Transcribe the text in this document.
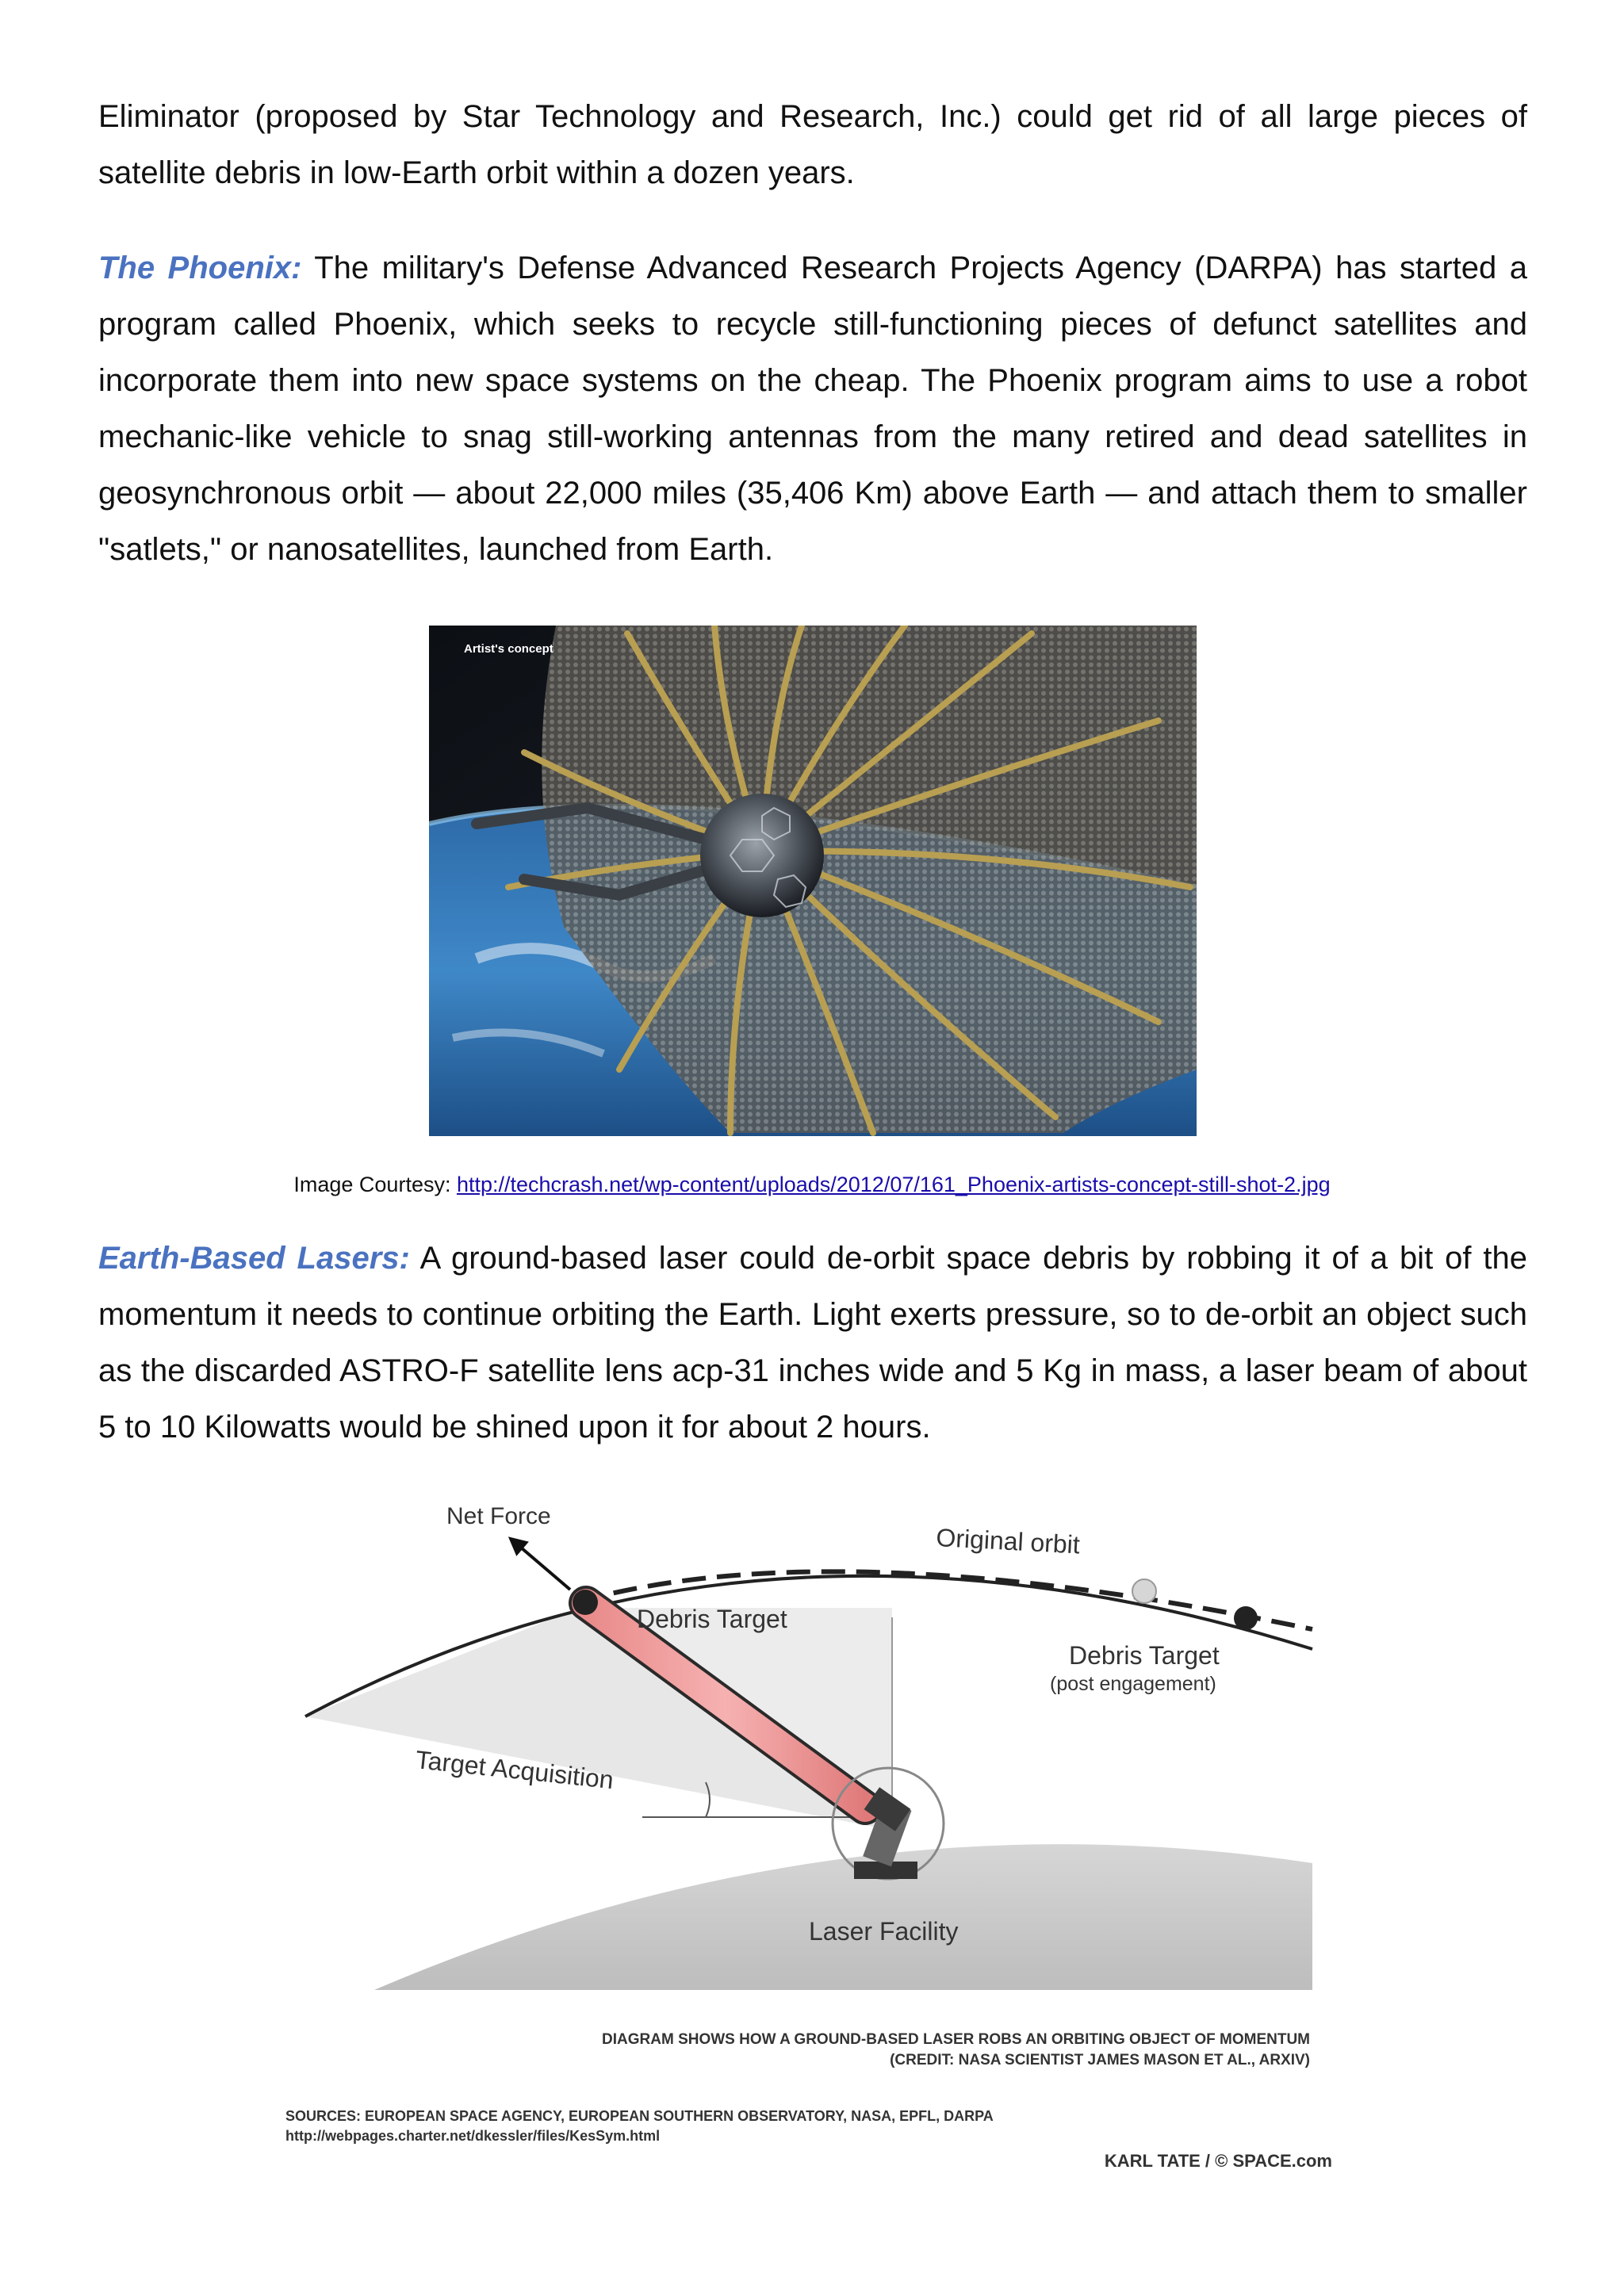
Eliminator (proposed by Star Technology and Research, Inc.) could get rid of all large pieces of satellite debris in low-Earth orbit within a dozen years.

The Phoenix: The military's Defense Advanced Research Projects Agency (DARPA) has started a program called Phoenix, which seeks to recycle still-functioning pieces of defunct satellites and incorporate them into new space systems on the cheap. The Phoenix program aims to use a robot mechanic-like vehicle to snag still-working antennas from the many retired and dead satellites in geosynchronous orbit — about 22,000 miles (35,406 Km) above Earth — and attach them to smaller "satlets," or nanosatellites, launched from Earth.

Artist's concept
Image Courtesy: http://techcrash.net/wp-content/uploads/2012/07/161_Phoenix-artists-concept-still-shot-2.jpg

Earth-Based Lasers: A ground-based laser could de-orbit space debris by robbing it of a bit of the momentum it needs to continue orbiting the Earth. Light exerts pressure, so to de-orbit an object such as the discarded ASTRO-F satellite lens acp-31 inches wide and 5 Kg in mass, a laser beam of about 5 to 10 Kilowatts would be shined upon it for about 2 hours.

Net Force
Original orbit
Debris Target
Debris Target
(post engagement)
Target Acquisition
Laser Facility
DIAGRAM SHOWS HOW A GROUND-BASED LASER ROBS AN ORBITING OBJECT OF MOMENTUM
(CREDIT: NASA SCIENTIST JAMES MASON ET AL., ARXIV)
SOURCES: EUROPEAN SPACE AGENCY, EUROPEAN SOUTHERN OBSERVATORY, NASA, EPFL, DARPA
http://webpages.charter.net/dkessler/files/KesSym.html
KARL TATE / © SPACE.com
